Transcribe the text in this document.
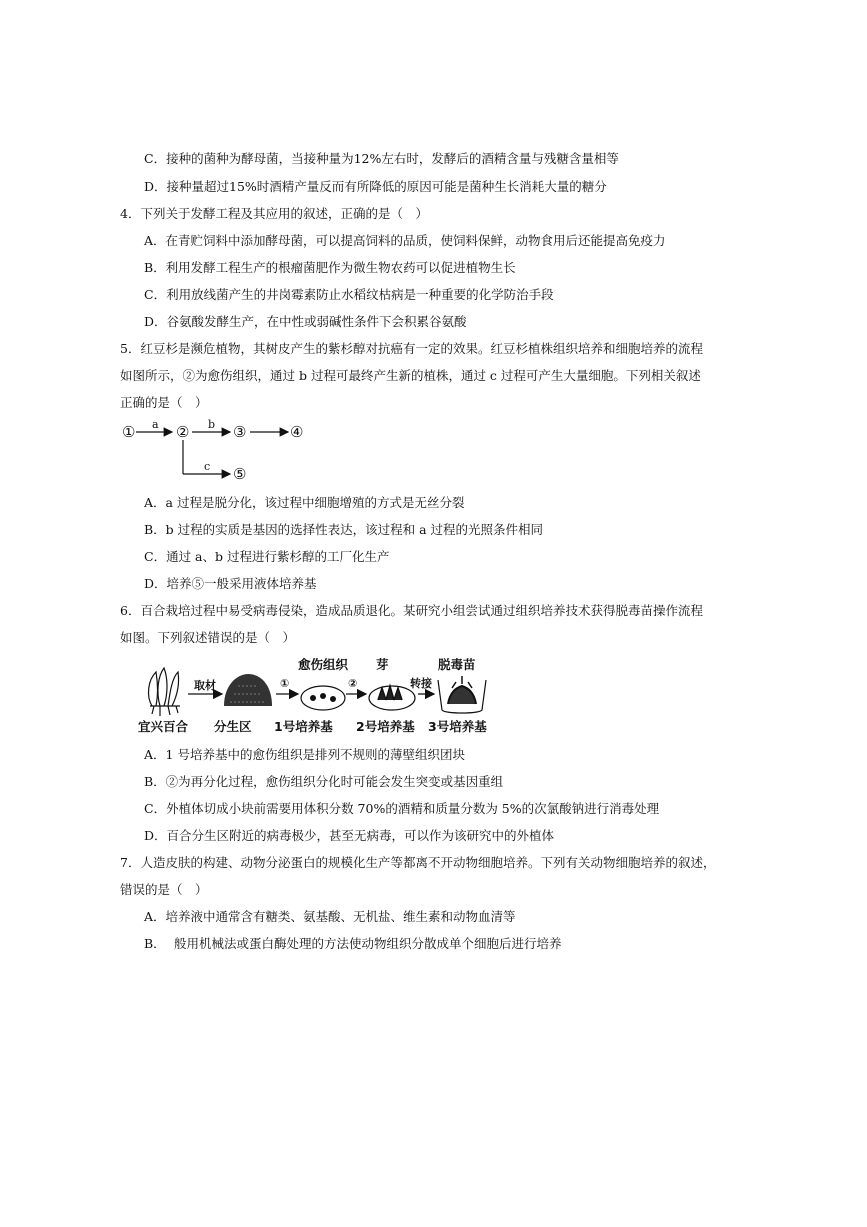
C．接种的菌种为酵母菌，当接种量为12%左右时，发酵后的酒精含量与残糖含量相等
D．接种量超过15%时酒精产量反而有所降低的原因可能是菌种生长消耗大量的糖分
4．下列关于发酵工程及其应用的叙述，正确的是（　）
A．在青贮饲料中添加酵母菌，可以提高饲料的品质，使饲料保鲜，动物食用后还能提高免疫力
B．利用发酵工程生产的根瘤菌肥作为微生物农药可以促进植物生长
C．利用放线菌产生的井岗霉素防止水稻纹枯病是一种重要的化学防治手段
D．谷氨酸发酵生产，在中性或弱碱性条件下会积累谷氨酸
5．红豆杉是濒危植物，其树皮产生的紫杉醇对抗癌有一定的效果。红豆杉植株组织培养和细胞培养的流程
如图所示，②为愈伤组织，通过 b 过程可最终产生新的植株，通过 c 过程可产生大量细胞。下列相关叙述
正确的是（　）
①	②	③	④
⑤
a	b
c
A．a 过程是脱分化，该过程中细胞增殖的方式是无丝分裂
B．b 过程的实质是基因的选择性表达，该过程和 a 过程的光照条件相同
C．通过 a、b 过程进行紫杉醇的工厂化生产
D．培养⑤一般采用液体培养基
6．百合栽培过程中易受病毒侵染，造成品质退化。某研究小组尝试通过组织培养技术获得脱毒苗操作流程
如图。下列叙述错误的是（　）
愈伤组织 芽	脱毒苗
取材	①	②	转接
宜兴百合 分生区 1号培养基 2号培养基 3号培养基
A．1 号培养基中的愈伤组织是排列不规则的薄壁组织团块
B．②为再分化过程，愈伤组织分化时可能会发生突变或基因重组
C．外植体切成小块前需要用体积分数 70%的酒精和质量分数为 5%的次氯酸钠进行消毒处理
D．百合分生区附近的病毒极少，甚至无病毒，可以作为该研究中的外植体
7．人造皮肤的构建、动物分泌蛋白的规模化生产等都离不开动物细胞培养。下列有关动物细胞培养的叙述，
错误的是（　）
A．培养液中通常含有糖类、氨基酸、无机盐、维生素和动物血清等
B． 般用机械法或蛋白酶处理的方法使动物组织分散成单个细胞后进行培养
